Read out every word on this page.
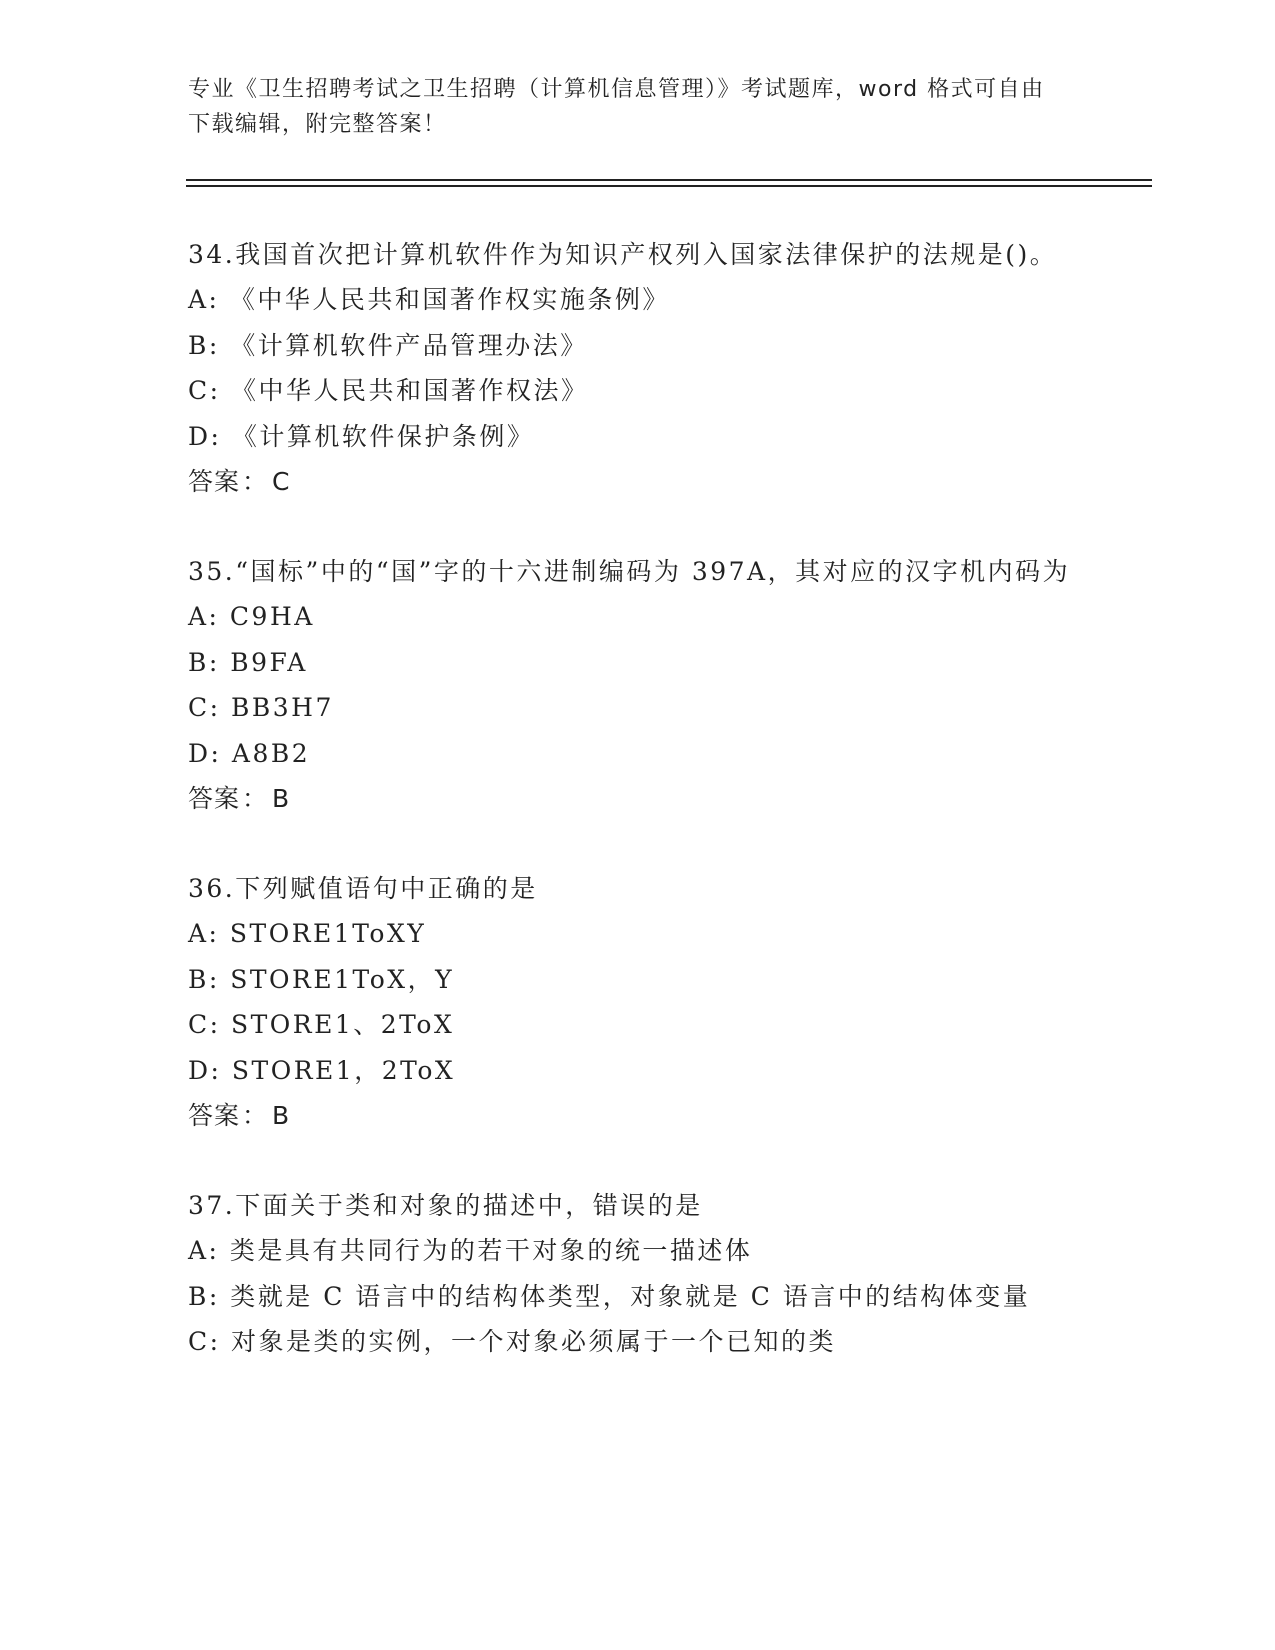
专业《卫生招聘考试之卫生招聘（计算机信息管理）》考试题库，word 格式可自由下载编辑，附完整答案！

34.我国首次把计算机软件作为知识产权列入国家法律保护的法规是()。

A: 《中华人民共和国著作权实施条例》

B: 《计算机软件产品管理办法》

C: 《中华人民共和国著作权法》

D: 《计算机软件保护条例》

答案： C

35.“国标”中的“国”字的十六进制编码为 397A，其对应的汉字机内码为

A: C9HA

B: B9FA

C: BB3H7

D: A8B2

答案： B

36.下列赋值语句中正确的是

A: STORE1ToXY

B: STORE1ToX，Y

C: STORE1、2ToX

D: STORE1，2ToX

答案： B

37.下面关于类和对象的描述中，错误的是

A: 类是具有共同行为的若干对象的统一描述体

B: 类就是 C 语言中的结构体类型，对象就是 C 语言中的结构体变量

C: 对象是类的实例，一个对象必须属于一个已知的类
